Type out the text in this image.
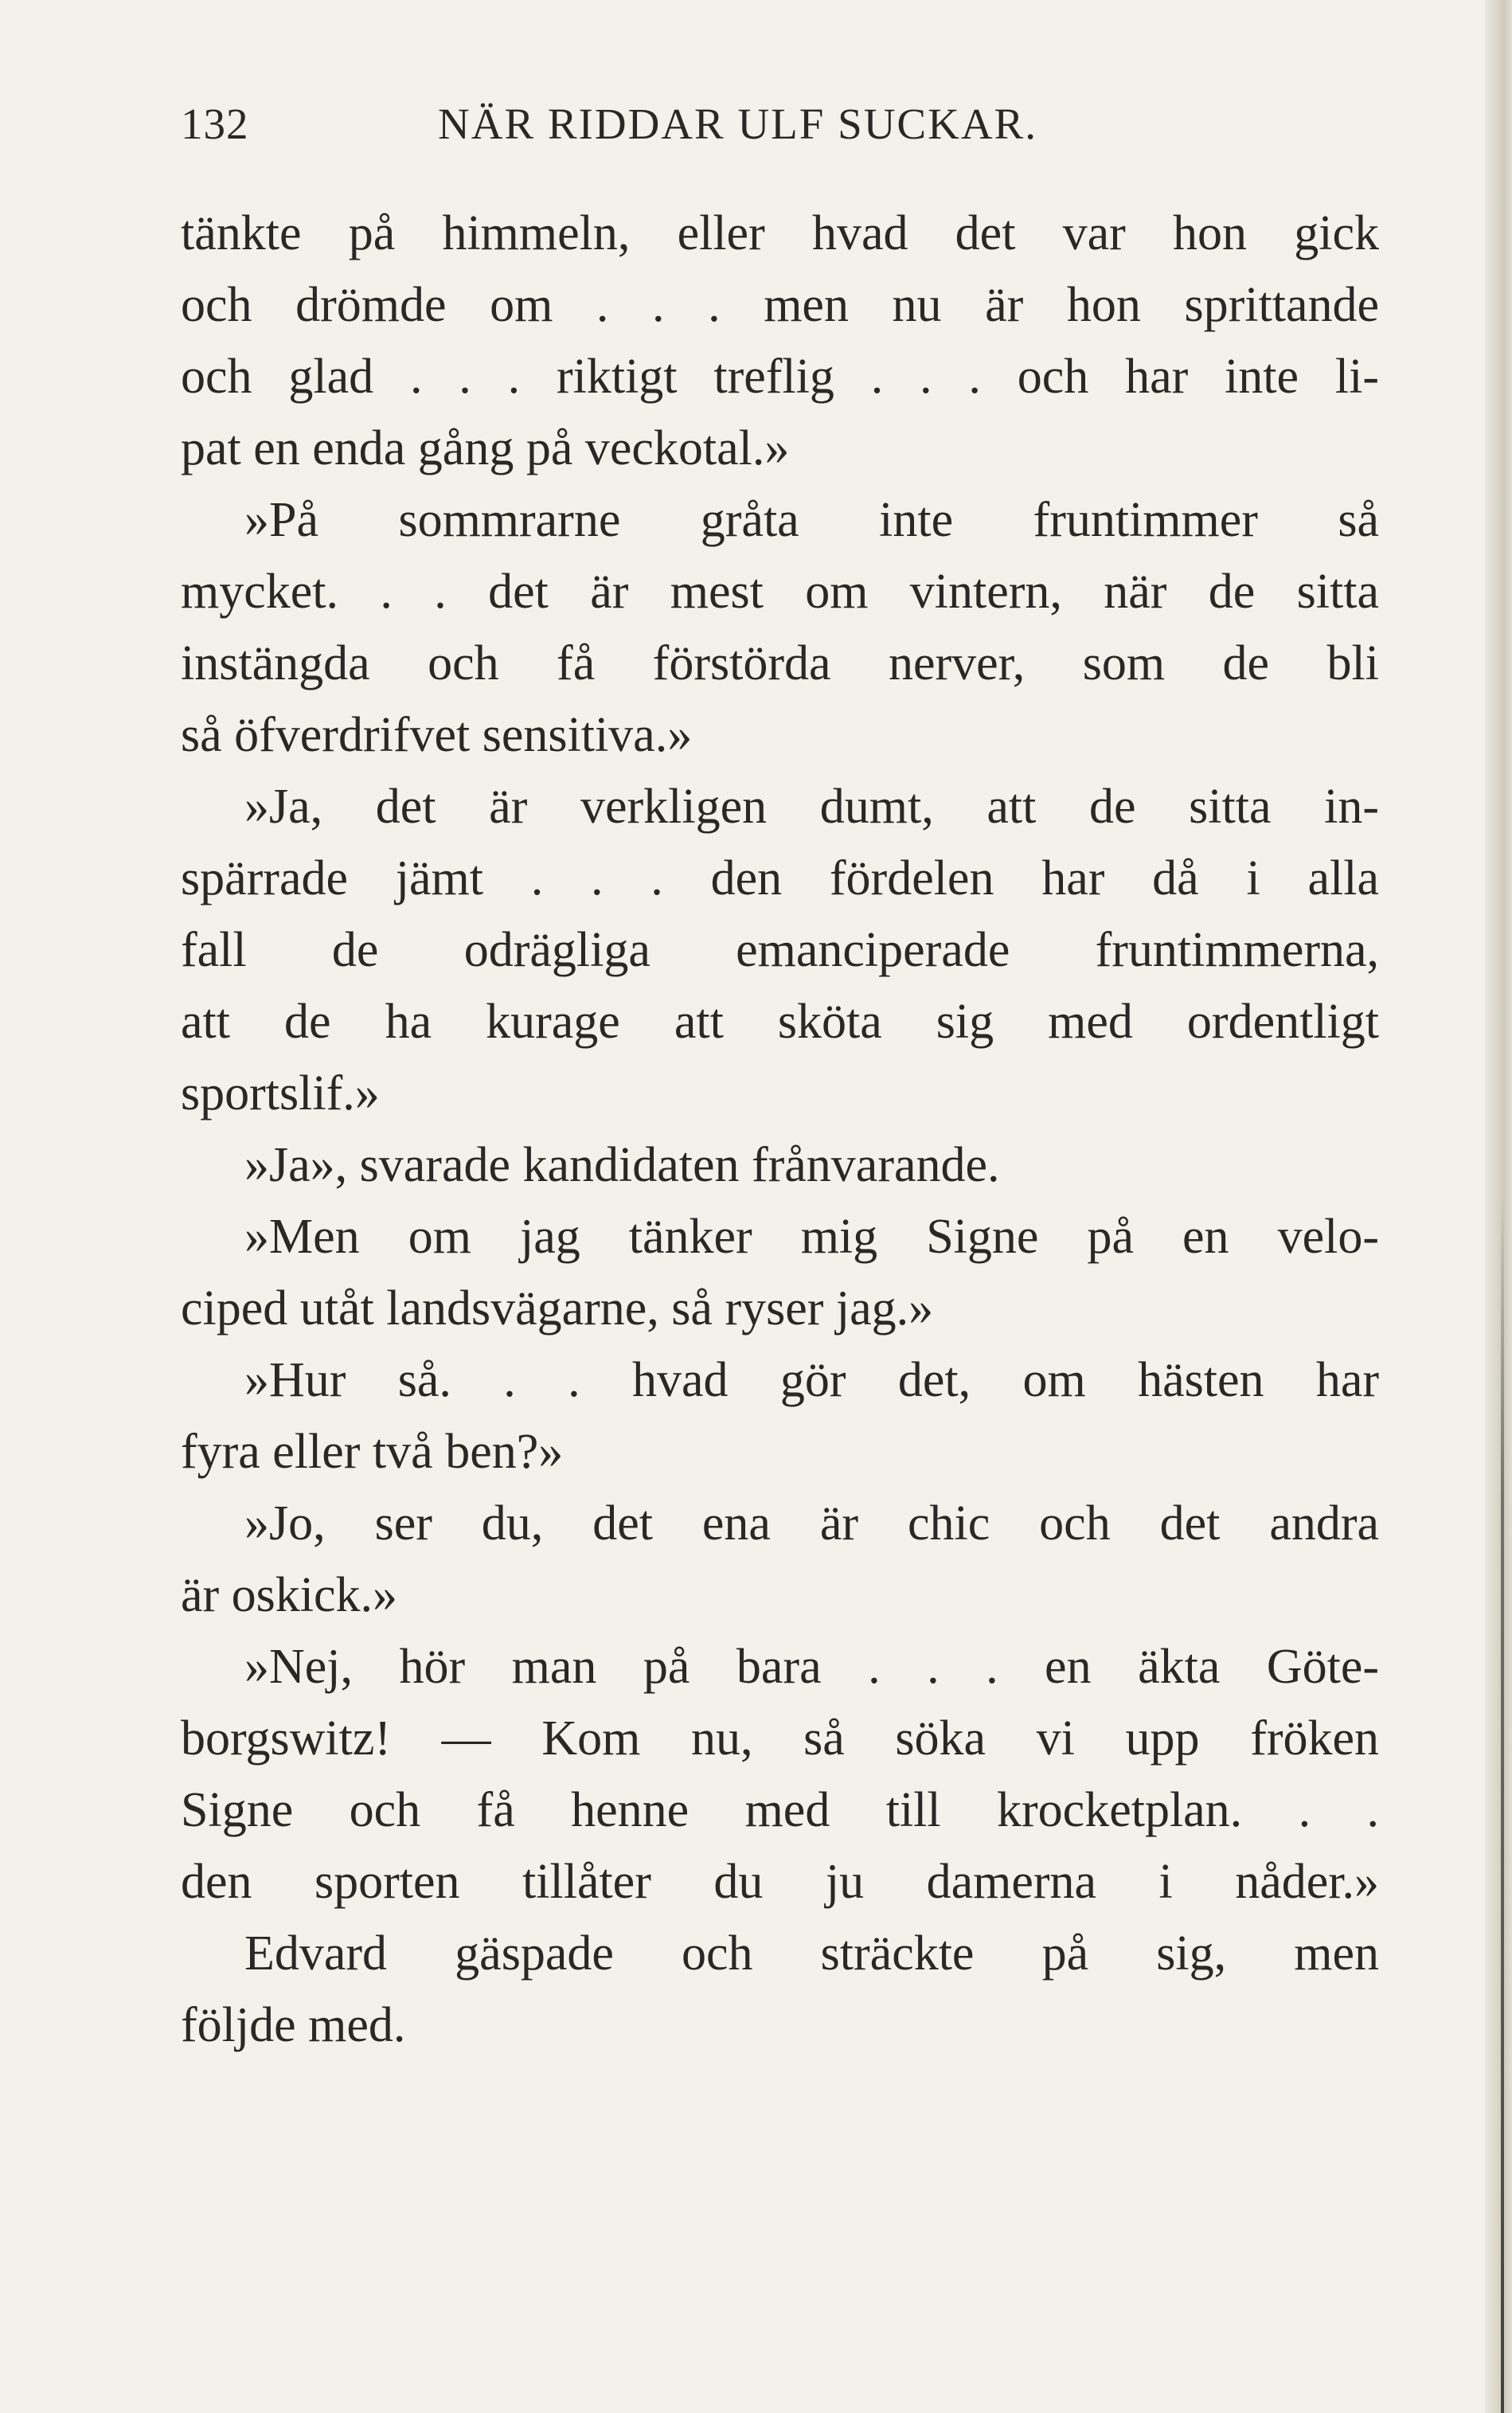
132	NÄR RIDDAR ULF SUCKAR.
tänkte på himmeln, eller hvad det var hon gick
och drömde om . . . men nu är hon sprittande
och glad . . . riktigt treflig . . . och har inte li-
pat en enda gång på veckotal.»
»På sommrarne gråta inte fruntimmer så
mycket. . . det är mest om vintern, när de sitta
instängda och få förstörda nerver, som de bli
så öfverdrifvet sensitiva.»
»Ja, det är verkligen dumt, att de sitta in-
spärrade jämt . . . den fördelen har då i alla
fall de odrägliga emanciperade fruntimmerna,
att de ha kurage att sköta sig med ordentligt
sportslif.»
»Ja», svarade kandidaten frånvarande.
»Men om jag tänker mig Signe på en velo-
ciped utåt landsvägarne, så ryser jag.»
»Hur så. . . hvad gör det, om hästen har
fyra eller två ben?»
»Jo, ser du, det ena är chic och det andra
är oskick.»
»Nej, hör man på bara . . . en äkta Göte-
borgswitz! — Kom nu, så söka vi upp fröken
Signe och få henne med till krocketplan. . .
den sporten tillåter du ju damerna i nåder.»
Edvard gäspade och sträckte på sig, men
följde med.
